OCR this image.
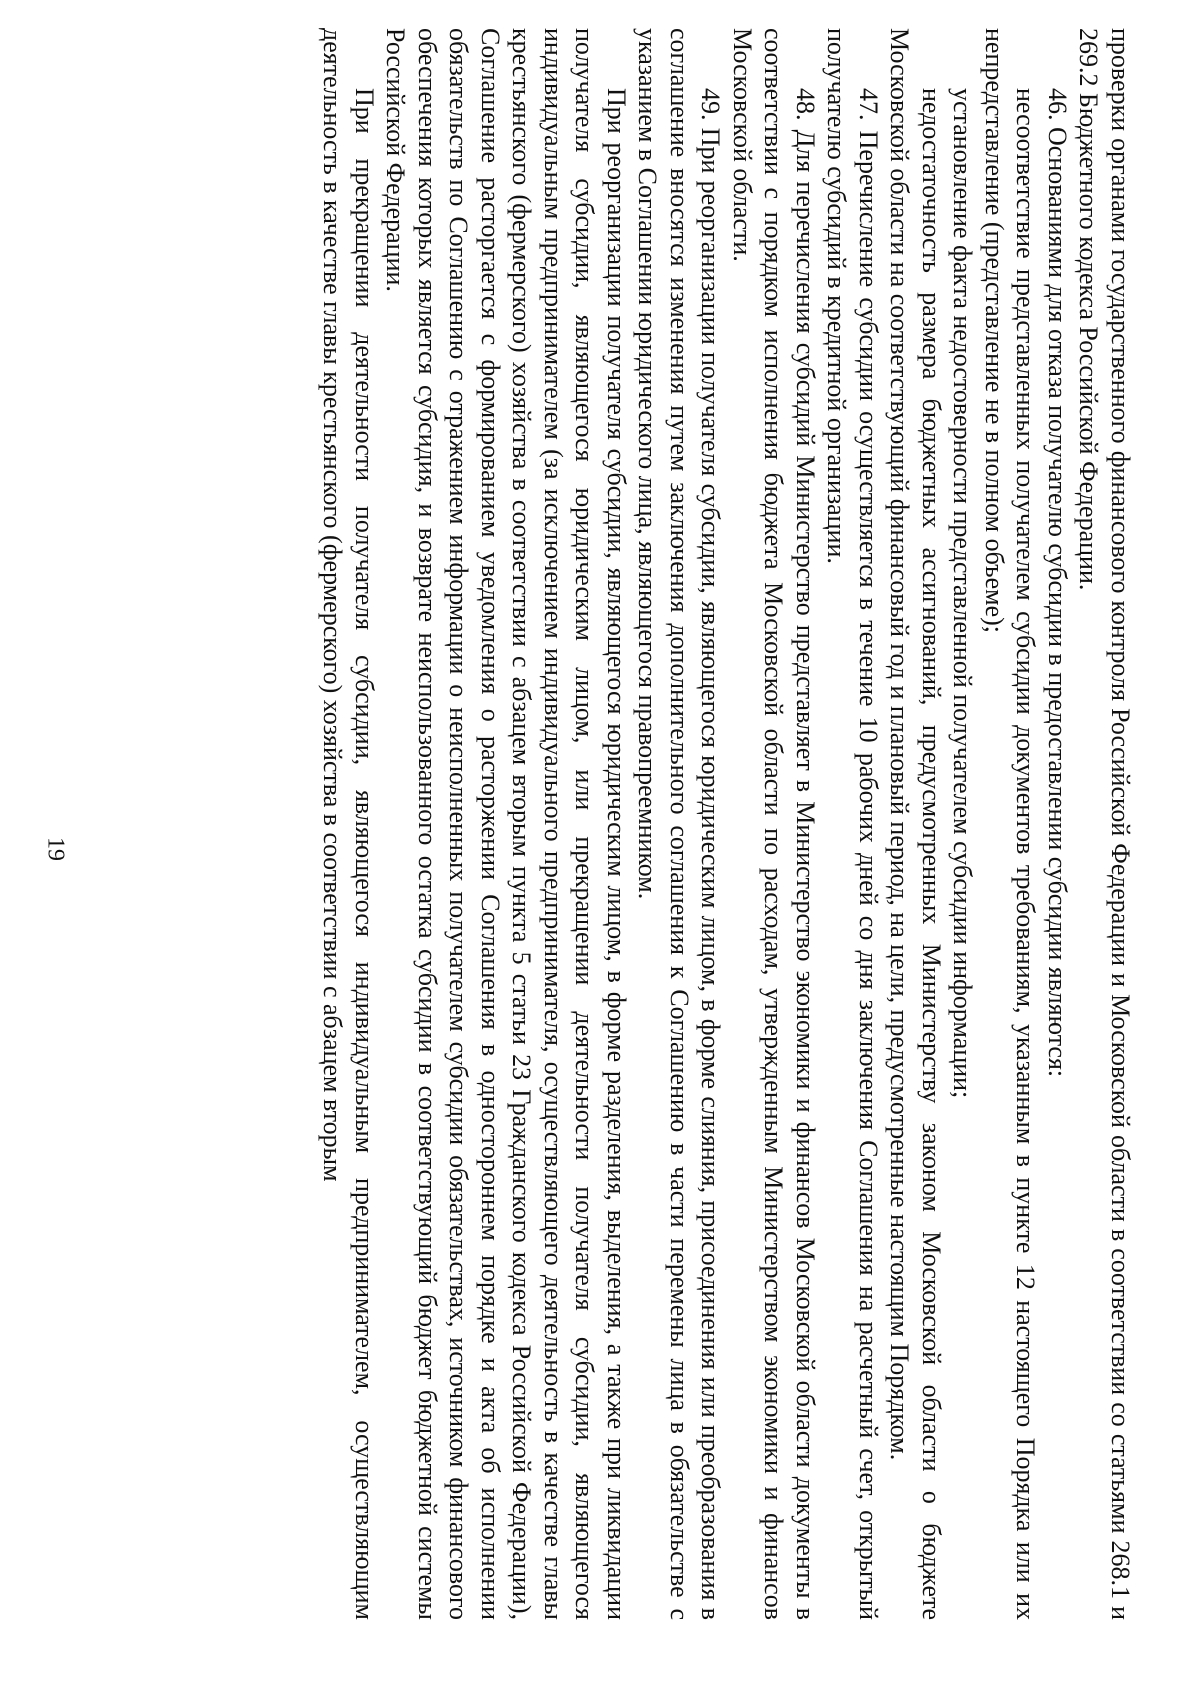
19	проверки органами государственного финансового контроля Российской Федерации и Московской области в соответствии со статьями 268.1 и 269.2 Бюджетного кодекса Российской Федерации.

46. Основаниями для отказа получателю субсидии в предоставлении субсидии являются:

несоответствие представленных получателем субсидии документов требованиям, указанным в пункте 12 настоящего Порядка или их непредставление (представление не в полном объеме);

установление факта недостоверности представленной получателем субсидии информации;

недостаточность размера бюджетных ассигнований, предусмотренных Министерству законом Московской области о бюджете Московской области на соответствующий финансовый год и плановый период, на цели, предусмотренные настоящим Порядком.

47. Перечисление субсидии осуществляется в течение 10 рабочих дней со дня заключения Соглашения на расчетный счет, открытый получателю субсидий в кредитной организации.

48. Для перечисления субсидий Министерство представляет в Министерство экономики и финансов Московской области документы в соответствии с порядком исполнения бюджета Московской области по расходам, утвержденным Министерством экономики и финансов Московской области.

49. При реорганизации получателя субсидии, являющегося юридическим лицом, в форме слияния, присоединения или преобразования в соглашение вносятся изменения путем заключения дополнительного соглашения к Соглашению в части перемены лица в обязательстве с указанием в Соглашении юридического лица, являющегося правопреемником.

При реорганизации получателя субсидии, являющегося юридическим лицом, в форме разделения, выделения, а также при ликвидации получателя субсидии, являющегося юридическим лицом, или прекращении деятельности получателя субсидии, являющегося индивидуальным предпринимателем (за исключением индивидуального предпринимателя, осуществляющего деятельность в качестве главы крестьянского (фермерского) хозяйства в соответствии с абзацем вторым пункта 5 статьи 23 Гражданского кодекса Российской Федерации), Соглашение расторгается с формированием уведомления о расторжении Соглашения в одностороннем порядке и акта об исполнении обязательств по Соглашению с отражением информации о неисполненных получателем субсидии обязательствах, источником финансового обеспечения которых является субсидия, и возврате неиспользованного остатка субсидии в соответствующий бюджет бюджетной системы Российской Федерации.

При прекращении деятельности получателя субсидии, являющегося индивидуальным предпринимателем, осуществляющим деятельность в качестве главы крестьянского (фермерского) хозяйства в соответствии с абзацем вторым
